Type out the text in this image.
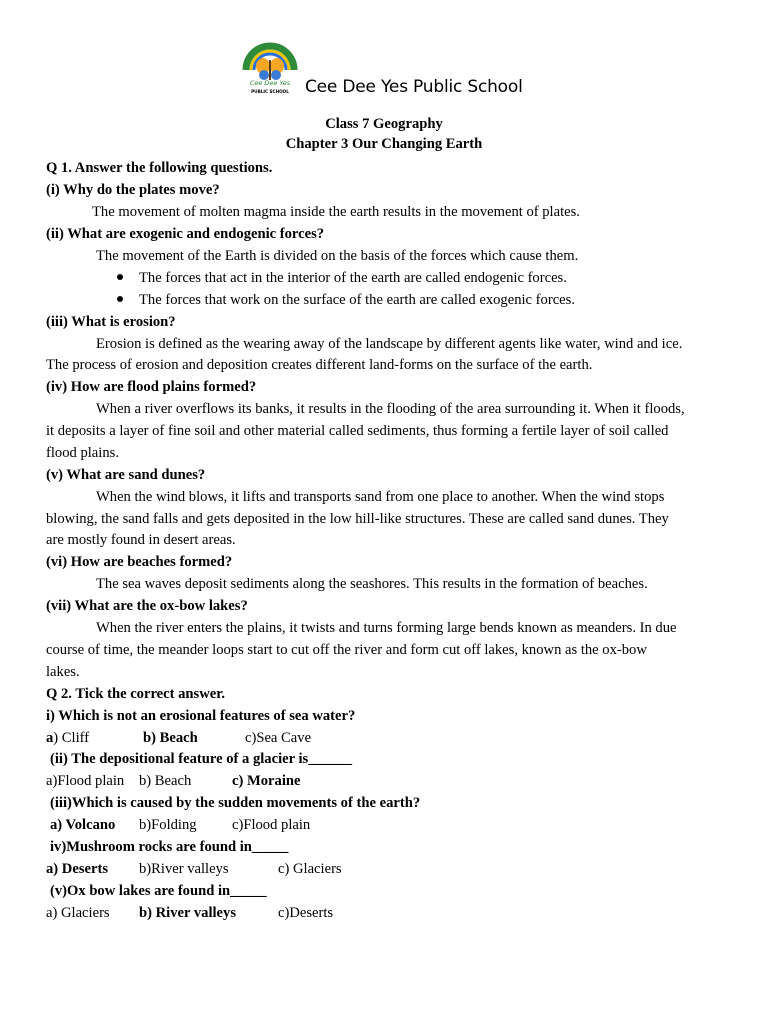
Cee Dee Yes
PUBLIC SCHOOL Cee Dee Yes Public School
Class 7 Geography
Chapter 3 Our Changing Earth
Q 1. Answer the following questions.
(i) Why do the plates move?
The movement of molten magma inside the earth results in the movement of plates.
(ii) What are exogenic and endogenic forces?
The movement of the Earth is divided on the basis of the forces which cause them.
The forces that act in the interior of the earth are called endogenic forces.
The forces that work on the surface of the earth are called exogenic forces.
(iii) What is erosion?
Erosion is defined as the wearing away of the landscape by different agents like water, wind and ice.
The process of erosion and deposition creates different land-forms on the surface of the earth.
(iv) How are flood plains formed?
When a river overflows its banks, it results in the flooding of the area surrounding it. When it floods,
it deposits a layer of fine soil and other material called sediments, thus forming a fertile layer of soil called
flood plains.
(v) What are sand dunes?
When the wind blows, it lifts and transports sand from one place to another. When the wind stops
blowing, the sand falls and gets deposited in the low hill-like structures. These are called sand dunes. They
are mostly found in desert areas.
(vi) How are beaches formed?
The sea waves deposit sediments along the seashores. This results in the formation of beaches.
(vii) What are the ox-bow lakes?
When the river enters the plains, it twists and turns forming large bends known as meanders. In due
course of time, the meander loops start to cut off the river and form cut off lakes, known as the ox-bow
lakes.
Q 2. Tick the correct answer.
i) Which is not an erosional features of sea water?
a) Cliff	b) Beach	c)Sea Cave
(ii) The depositional feature of a glacier is______
a)Flood plain b) Beach	c) Moraine
(iii)Which is caused by the sudden movements of the earth?
a) Volcano b)Folding c)Flood plain
iv)Mushroom rocks are found in_____
a) Deserts b)River valleys	c) Glaciers
(v)Ox bow lakes are found in_____
a) Glaciers b) River valleys	c)Deserts
